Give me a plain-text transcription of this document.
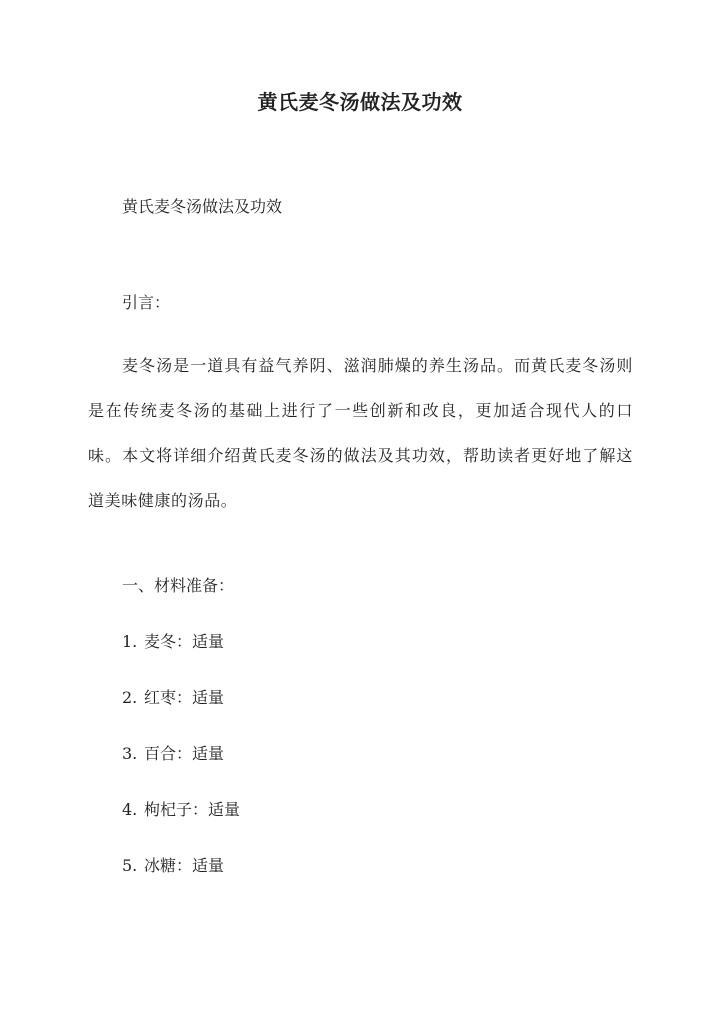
黄氏麦冬汤做法及功效
黄氏麦冬汤做法及功效
引言：
麦冬汤是一道具有益气养阴、滋润肺燥的养生汤品。而黄氏麦冬汤则是在传统麦冬汤的基础上进行了一些创新和改良，更加适合现代人的口味。本文将详细介绍黄氏麦冬汤的做法及其功效，帮助读者更好地了解这道美味健康的汤品。
一、材料准备：
1. 麦冬：适量
2. 红枣：适量
3. 百合：适量
4. 枸杞子：适量
5. 冰糖：适量
